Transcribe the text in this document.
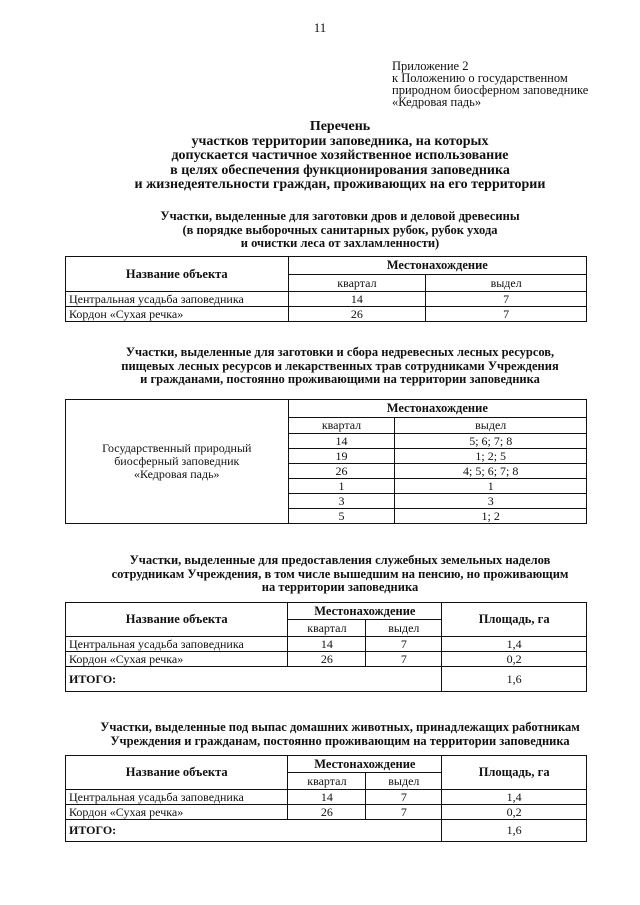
11
Приложение 2
к Положению о государственном
природном биосферном заповеднике
«Кедровая падь»
Перечень
участков территории заповедника, на которых
допускается частичное хозяйственное использование
в целях обеспечения функционирования заповедника
и жизнедеятельности граждан, проживающих на его территории
Участки, выделенные для заготовки дров и деловой древесины
(в порядке выборочных санитарных рубок, рубок ухода
и очистки леса от захламленности)
Название объекта	Местонахождение	
	квартал	выдел
Центральная усадьба заповедника	14	7
Кордон «Сухая речка»	26	7
Участки, выделенные для заготовки и сбора недревесных лесных ресурсов,
пищевых лесных ресурсов и лекарственных трав сотрудниками Учреждения
и гражданами, постоянно проживающими на территории заповедника
Государственный природный
биосферный заповедник
«Кедровая падь»	Местонахождение	
	квартал	выдел
	14	5; 6; 7; 8
	19	1; 2; 5
	26	4; 5; 6; 7; 8
	1	1
	3	3
	5	1; 2
Участки, выделенные для предоставления служебных земельных наделов
сотрудникам Учреждения, в том числе вышедшим на пенсию, но проживающим
на территории заповедника
Название объекта	Местонахождение		Площадь, га
	квартал	выдел	
Центральная усадьба заповедника	14	7	1,4
Кордон «Сухая речка»	26	7	0,2
ИТОГО:			1,6
Участки, выделенные под выпас домашних животных, принадлежащих работникам
Учреждения и гражданам, постоянно проживающим на территории заповедника
Название объекта	Местонахождение		Площадь, га
	квартал	выдел	
Центральная усадьба заповедника	14	7	1,4
Кордон «Сухая речка»	26	7	0,2
ИТОГО:			1,6
